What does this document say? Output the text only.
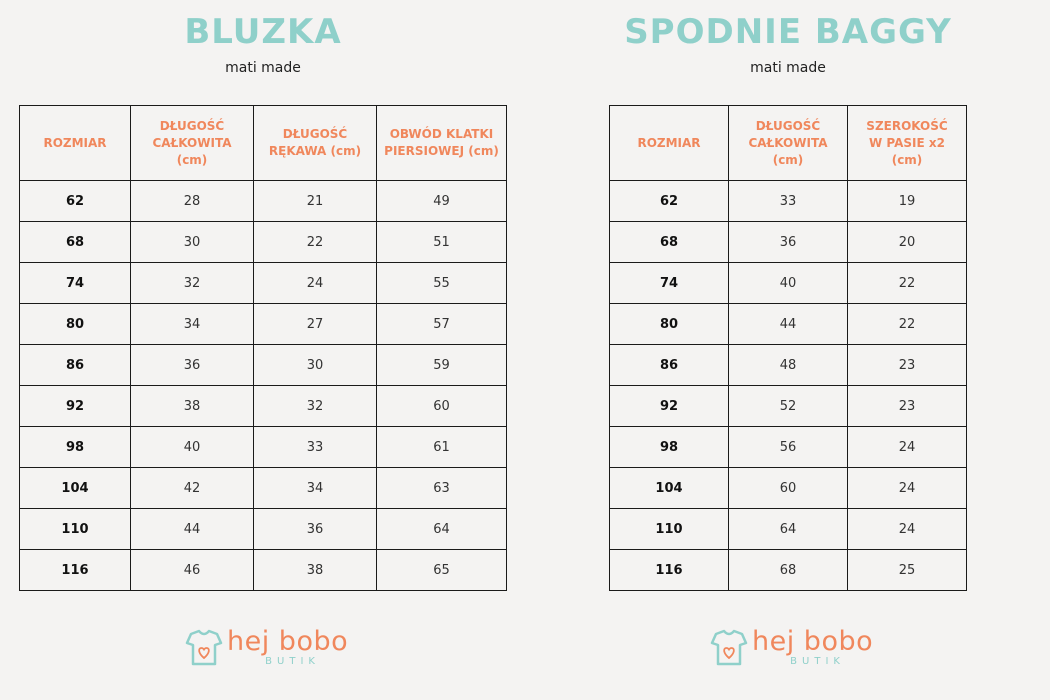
BLUZKA
mati made
ROZMIAR	DŁUGOŚĆ CAŁKOWITA (cm)	DŁUGOŚĆ RĘKAWA (cm)	OBWÓD KLATKI PIERSIOWEJ (cm)
62	28	21	49
68	30	22	51
74	32	24	55
80	34	27	57
86	36	30	59
92	38	32	60
98	40	33	61
104	42	34	63
110	44	36	64
116	46	38	65
SPODNIE BAGGY
mati made
ROZMIAR	DŁUGOŚĆ CAŁKOWITA (cm)	SZEROKOŚĆ W PASIE x2 (cm)
62	33	19
68	36	20
74	40	22
80	44	22
86	48	23
92	52	23
98	56	24
104	60	24
110	64	24
116	68	25
hej bobo
BUTIK
hej bobo
BUTIK
